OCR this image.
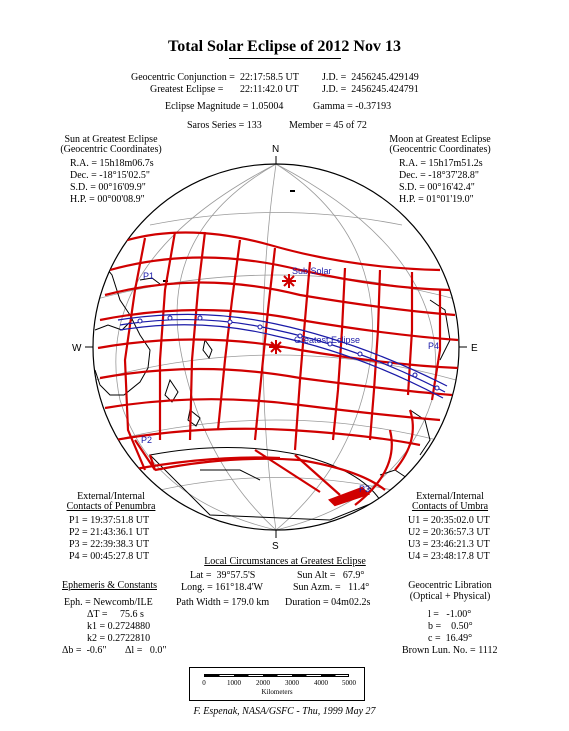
Total Solar Eclipse of 2012 Nov 13
Geocentric Conjunction = 22:17:58.5 UT J.D. =  2456245.429149
Greatest Eclipse = 22:11:42.0 UT J.D. =  2456245.424791
Eclipse Magnitude = 1.05004	Gamma = -0.37193
Saros Series = 133	Member = 45 of 72
Sun at Greatest Eclipse
(Geocentric Coordinates)
R.A. = 15h18m06.7s
Dec. = -18°15'02.5"
S.D. = 00°16'09.9"
H.P. = 00°00'08.9"
Moon at Greatest Eclipse
(Geocentric Coordinates)
R.A. = 15h17m51.2s
Dec. = -18°37'28.8"
S.D. = 00°16'42.4"
H.P. = 01°01'19.0"
N
S
W	E
P1
P2
P3
P4
Sub Solar
Greatest Eclipse
External/Internal
Contacts of Penumbra
P1 = 19:37:51.8 UT
P2 = 21:43:36.1 UT
P3 = 22:39:38.3 UT
P4 = 00:45:27.8 UT
External/Internal
Contacts of Umbra
U1 = 20:35:02.0 UT
U2 = 20:36:57.3 UT
U3 = 23:46:21.3 UT
U4 = 23:48:17.8 UT
Local Circumstances at Greatest Eclipse
Lat =  39°57.5'S
Long. = 161°18.4'W
Path Width = 179.0 km
Sun Alt =   67.9°
Sun Azm. =   11.4°
Duration = 04m02.2s
Ephemeris & Constants
Eph. = Newcomb/ILE
ΔT =     75.6 s
k1 = 0.2724880
k2 = 0.2722810
Δb =  -0.6" Δl =   0.0"
Geocentric Libration
(Optical + Physical)
l =   -1.00°
b =    0.50°
c =  16.49°
Brown Lun. No. = 1112
0	1000	2000	3000	4000	5000
Kilometers
F. Espenak, NASA/GSFC - Thu, 1999 May 27
